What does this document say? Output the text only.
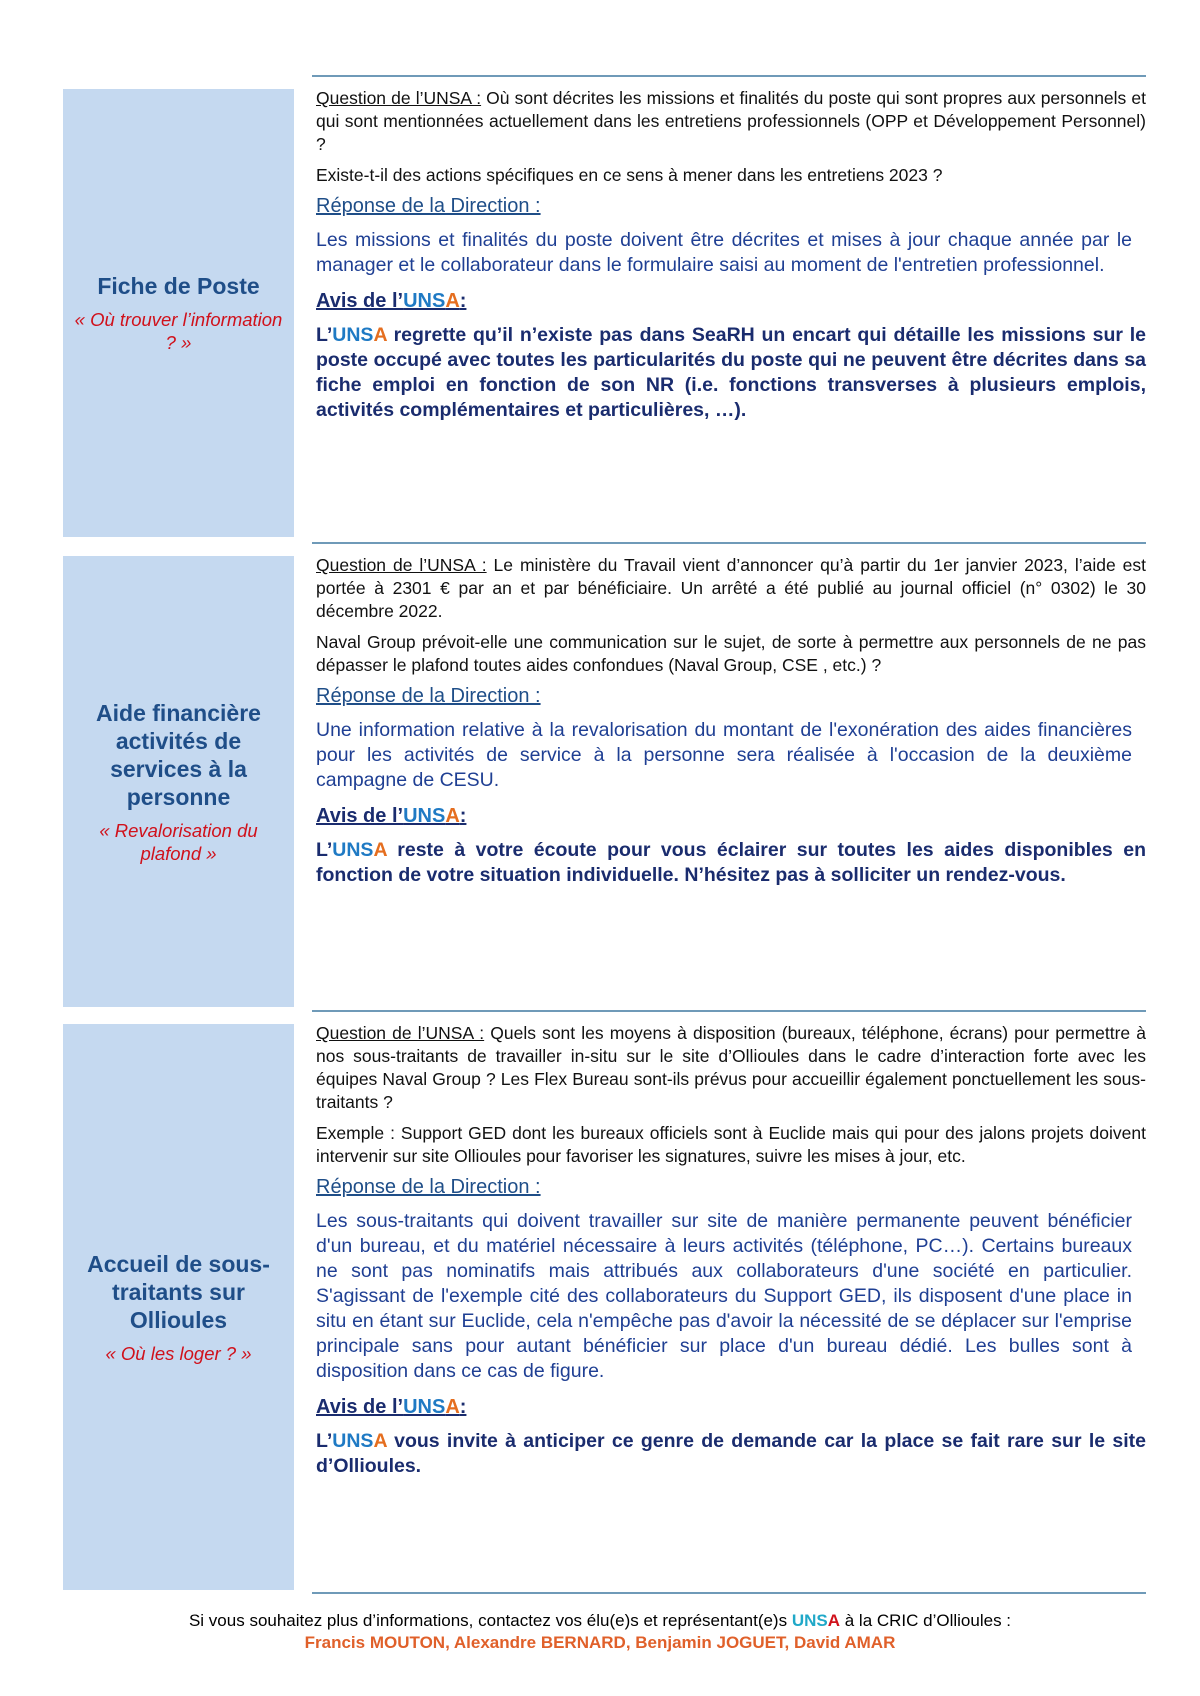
Fiche de Poste
« Où trouver l’information ? »

Question de l’UNSA : Où sont décrites les missions et finalités du poste qui sont propres aux personnels et qui sont mentionnées actuellement dans les entretiens professionnels (OPP et Développement Personnel) ?

Existe-t-il des actions spécifiques en ce sens à mener dans les entretiens 2023 ?

Réponse de la Direction :

Les missions et finalités du poste doivent être décrites et mises à jour chaque année par le manager et le collaborateur dans le formulaire saisi au moment de l'entretien professionnel.

Avis de l’UNSA:

L’UNSA regrette qu’il n’existe pas dans SeaRH un encart qui détaille les missions sur le poste occupé avec toutes les particularités du poste qui ne peuvent être décrites dans sa fiche emploi en fonction de son NR (i.e. fonctions transverses à plusieurs emplois, activités complémentaires et particulières, …).

Aide financière activités de services à la personne
« Revalorisation du plafond »

Question de l’UNSA : Le ministère du Travail vient d’annoncer qu’à partir du 1er janvier 2023, l’aide est portée à 2301 € par an et par bénéficiaire. Un arrêté a été publié au journal officiel (n° 0302) le 30 décembre 2022.

Naval Group prévoit-elle une communication sur le sujet, de sorte à permettre aux personnels de ne pas dépasser le plafond toutes aides confondues (Naval Group, CSE , etc.) ?

Réponse de la Direction :

Une information relative à la revalorisation du montant de l'exonération des aides financières pour les activités de service à la personne sera réalisée à l'occasion de la deuxième campagne de CESU.

Avis de l’UNSA:

L’UNSA reste à votre écoute pour vous éclairer sur toutes les aides disponibles en fonction de votre situation individuelle. N’hésitez pas à solliciter un rendez-vous.

Accueil de sous-traitants sur Ollioules
« Où les loger ? »

Question de l’UNSA : Quels sont les moyens à disposition (bureaux, téléphone, écrans) pour permettre à nos sous-traitants de travailler in-situ sur le site d’Ollioules dans le cadre d’interaction forte avec les équipes Naval Group ? Les Flex Bureau sont-ils prévus pour accueillir également ponctuellement les sous-traitants ?

Exemple : Support GED dont les bureaux officiels sont à Euclide mais qui pour des jalons projets doivent intervenir sur site Ollioules pour favoriser les signatures, suivre les mises à jour, etc.

Réponse de la Direction :

Les sous-traitants qui doivent travailler sur site de manière permanente peuvent bénéficier d'un bureau, et du matériel nécessaire à leurs activités (téléphone, PC…). Certains bureaux ne sont pas nominatifs mais attribués aux collaborateurs d'une société en particulier. S'agissant de l'exemple cité des collaborateurs du Support GED, ils disposent d'une place in situ en étant sur Euclide, cela n'empêche pas d'avoir la nécessité de se déplacer sur l'emprise principale sans pour autant bénéficier sur place d'un bureau dédié. Les bulles sont à disposition dans ce cas de figure.

Avis de l’UNSA:

L’UNSA vous invite à anticiper ce genre de demande car la place se fait rare sur le site d’Ollioules.

Si vous souhaitez plus d’informations, contactez vos élu(e)s et représentant(e)s UNSA à la CRIC d’Ollioules :
Francis MOUTON, Alexandre BERNARD, Benjamin JOGUET, David AMAR
